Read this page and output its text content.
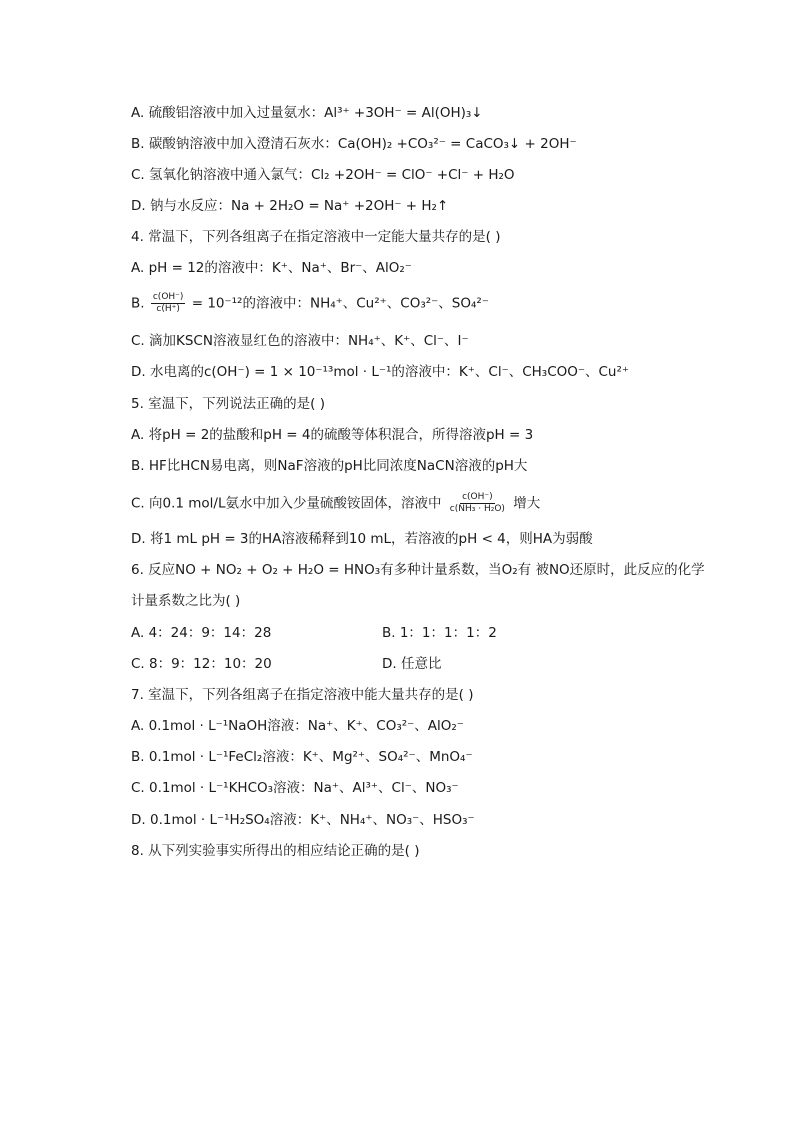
A. 硫酸铝溶液中加入过量氨水：Al³⁺ +3OH⁻ = Al(OH)₃↓
B. 碳酸钠溶液中加入澄清石灰水：Ca(OH)₂ +CO₃²⁻ = CaCO₃↓ + 2OH⁻
C. 氢氧化钠溶液中通入氯气：Cl₂ +2OH⁻ = ClO⁻ +Cl⁻ + H₂O
D. 钠与水反应：Na + 2H₂O = Na⁺ +2OH⁻ + H₂↑
4. 常温下，下列各组离子在指定溶液中一定能大量共存的是( )
A. pH = 12的溶液中：K⁺、Na⁺、Br⁻、AlO₂⁻
B. $\frac{c(OH^-)}{c(H^+)} = 10^{-12}$的溶液中：NH₄⁺、Cu²⁺、CO₃²⁻、SO₄²⁻
C. 滴加KSCN溶液显红色的溶液中：NH₄⁺、K⁺、Cl⁻、I⁻
D. 水电离的c(OH⁻) = 1 × 10⁻¹³mol · L⁻¹的溶液中：K⁺、Cl⁻、CH₃COO⁻、Cu²⁺
5. 室温下，下列说法正确的是( )
A. 将pH = 2的盐酸和pH = 4的硫酸等体积混合，所得溶液pH = 3
B. HF比HCN易电离，则NaF溶液的pH比同浓度NaCN溶液的pH大
C. 向0.1 mol/L氨水中加入少量硫酸铵固体，溶液中 $\frac{c(OH^-)}{\text{c(NH₃ · H₂O)}}$ 增大
D. 将1 mL pH = 3的HA溶液稀释到10 mL，若溶液的pH < 4，则HA为弱酸
6. 反应NO + NO₂ + O₂ + H₂O = HNO₃有多种计量系数，当O₂有 被NO还原时，此反应的化学
计量系数之比为( )
A. 4：24：9：14：28	B. 1：1：1：1：2
C. 8：9：12：10：20	D. 任意比
7. 室温下，下列各组离子在指定溶液中能大量共存的是( )
A. 0.1mol · L⁻¹NaOH溶液：Na⁺、K⁺、CO₃²⁻、AlO₂⁻
B. 0.1mol · L⁻¹FeCl₂溶液：K⁺、Mg²⁺、SO₄²⁻、MnO₄⁻
C. 0.1mol · L⁻¹KHCO₃溶液：Na⁺、Al³⁺、Cl⁻、NO₃⁻
D. 0.1mol · L⁻¹H₂SO₄溶液：K⁺、NH₄⁺、NO₃⁻、HSO₃⁻
8. 从下列实验事实所得出的相应结论正确的是( )
